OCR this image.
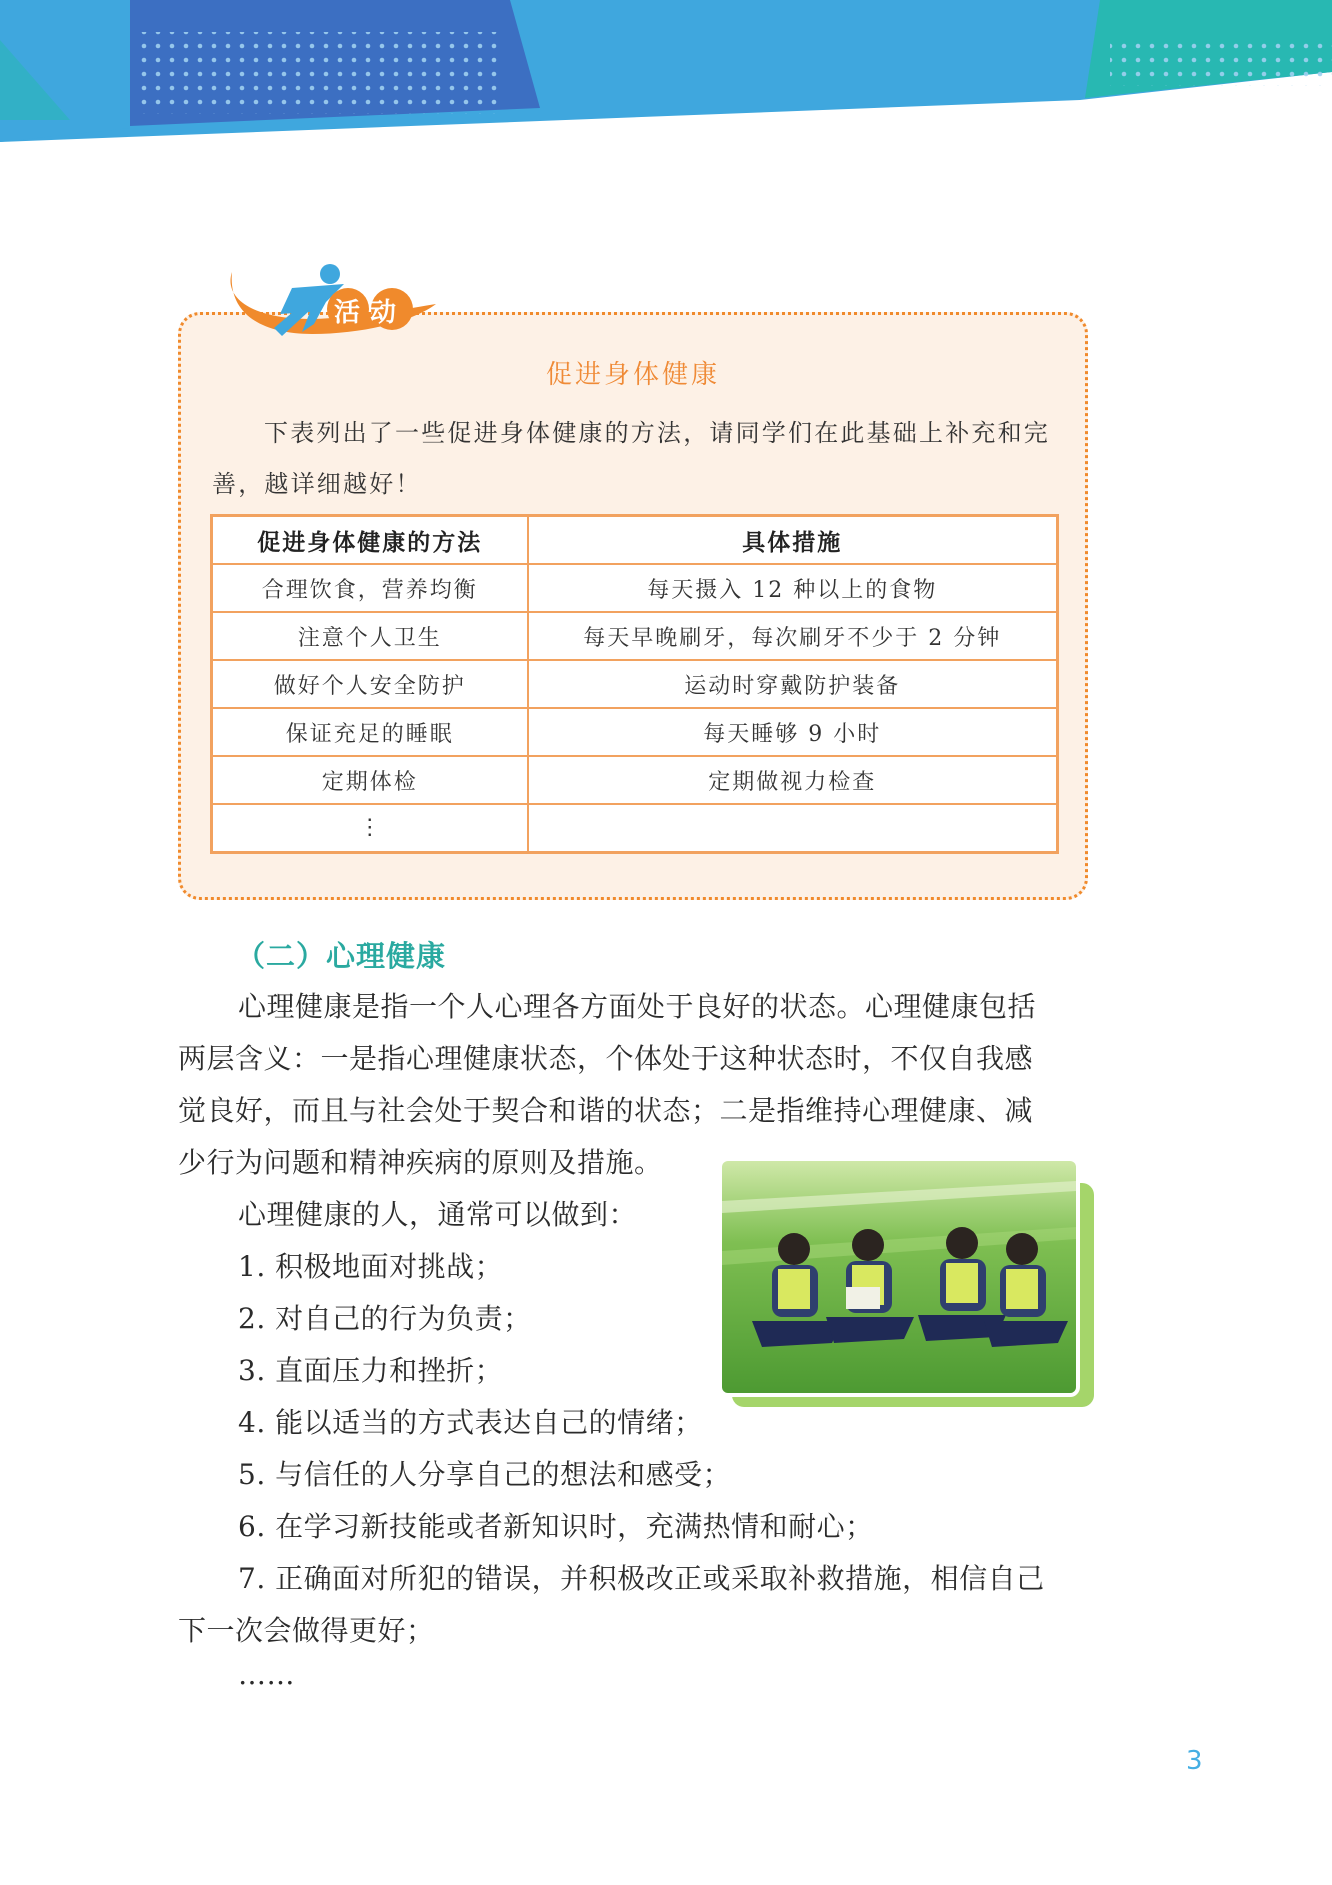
活动
促进身体健康
下表列出了一些促进身体健康的方法，请同学们在此基础上补充和完
善，越详细越好！
促进身体健康的方法	具体措施
合理饮食，营养均衡	每天摄入 12 种以上的食物
注意个人卫生	每天早晚刷牙，每次刷牙不少于 2 分钟
做好个人安全防护	运动时穿戴防护装备
保证充足的睡眠	每天睡够 9 小时
定期体检	定期做视力检查
⋮	
（二）心理健康
心理健康是指一个人心理各方面处于良好的状态。心理健康包括
两层含义：一是指心理健康状态，个体处于这种状态时，不仅自我感
觉良好，而且与社会处于契合和谐的状态；二是指维持心理健康、减
少行为问题和精神疾病的原则及措施。
心理健康的人，通常可以做到：
1. 积极地面对挑战；
2. 对自己的行为负责；
3. 直面压力和挫折；
4. 能以适当的方式表达自己的情绪；
5. 与信任的人分享自己的想法和感受；
6. 在学习新技能或者新知识时，充满热情和耐心；
7. 正确面对所犯的错误，并积极改正或采取补救措施，相信自己
下一次会做得更好；
……
3
